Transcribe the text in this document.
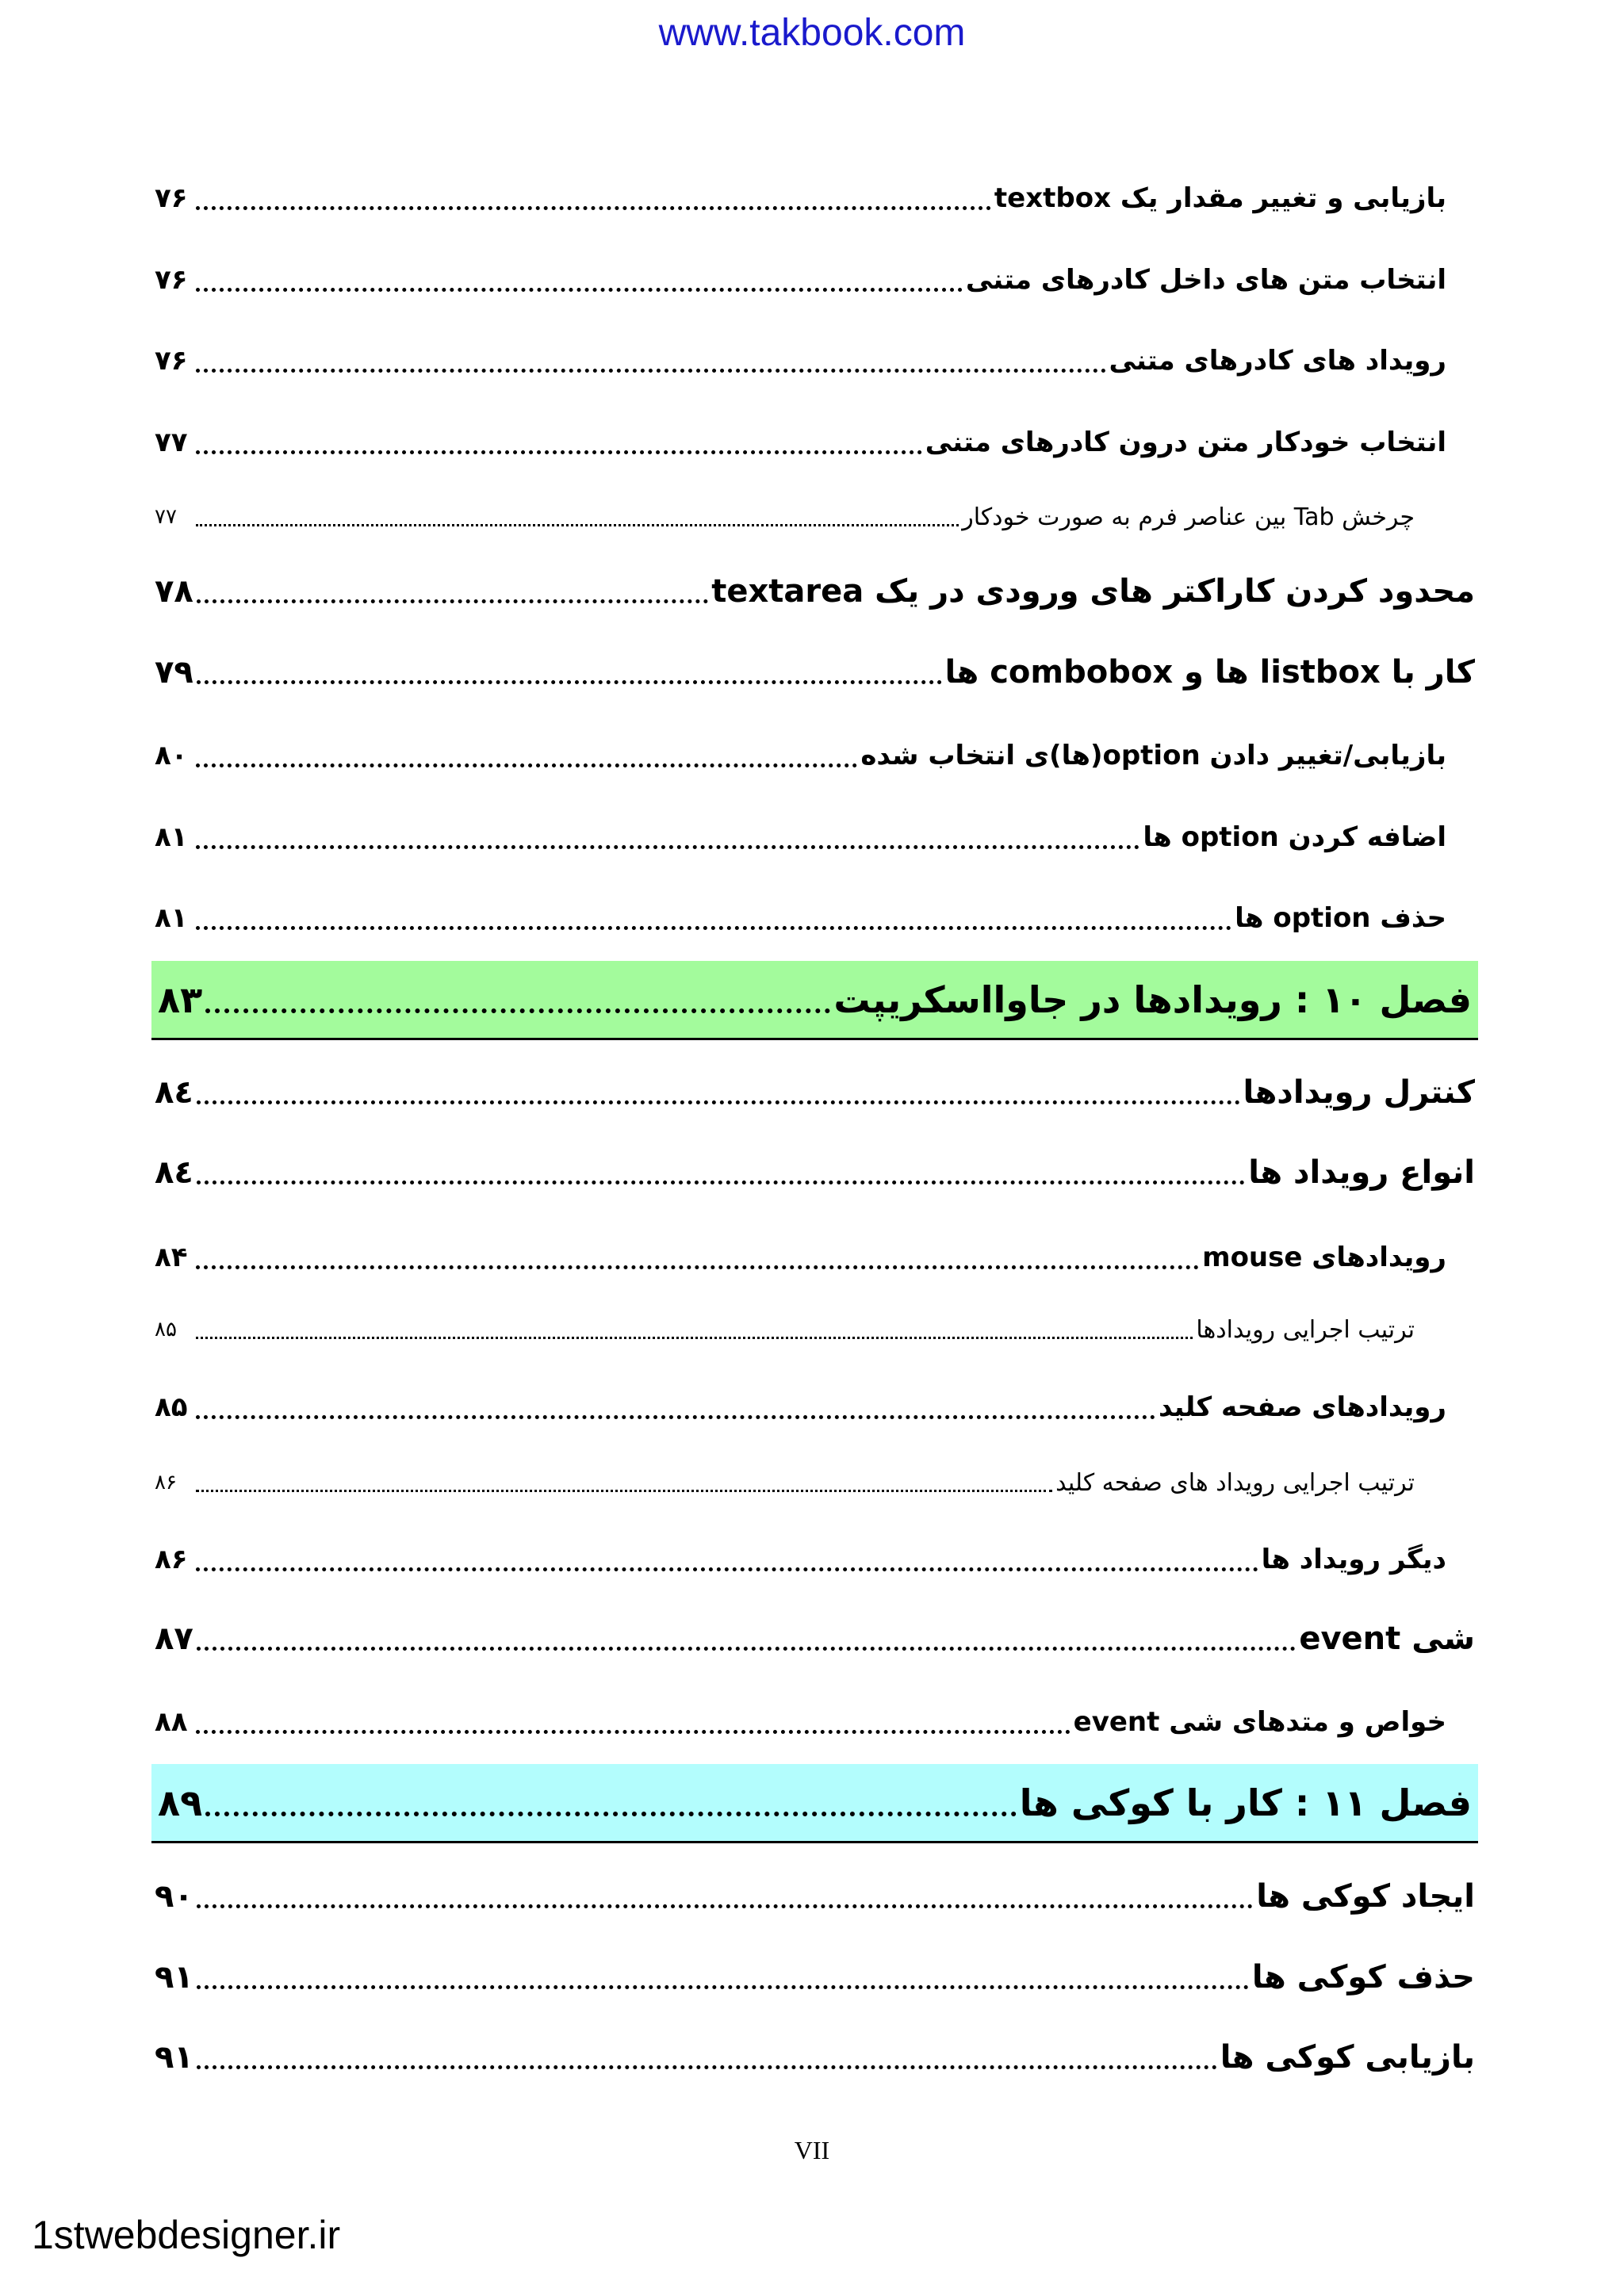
www.takbook.com
بازیابی و تغییر مقدار یک textbox
۷۶
انتخاب متن های داخل کادرهای متنی
۷۶
رویداد های کادرهای متنی
۷۶
انتخاب خودکار متن درون کادرهای متنی
۷۷
چرخش Tab بین عناصر فرم به صورت خودکار
۷۷
محدود کردن کاراکتر های ورودی در یک textarea
۷۸
کار با listbox ها و combobox ها
۷۹
بازیابی/تغییر دادن option(ها)ی انتخاب شده
۸۰
اضافه کردن option ها
۸۱
حذف option ها
۸۱
فصل ۱۰ : رویدادها در جاوااسکریپت
۸۳
کنترل رویدادها
۸٤
انواع رویداد ها
۸٤
رویدادهای mouse
۸۴
ترتیب اجرایی رویدادها
۸۵
رویدادهای صفحه کلید
۸۵
ترتیب اجرایی رویداد های صفحه کلید
۸۶
دیگر رویداد ها
۸۶
شی event
۸۷
خواص و متدهای شی event
۸۸
فصل ۱۱ : کار با کوکی ها
۸۹
ایجاد کوکی ها
۹۰
حذف کوکی ها
۹۱
بازیابی کوکی ها
۹۱
VII
1stwebdesigner.ir
